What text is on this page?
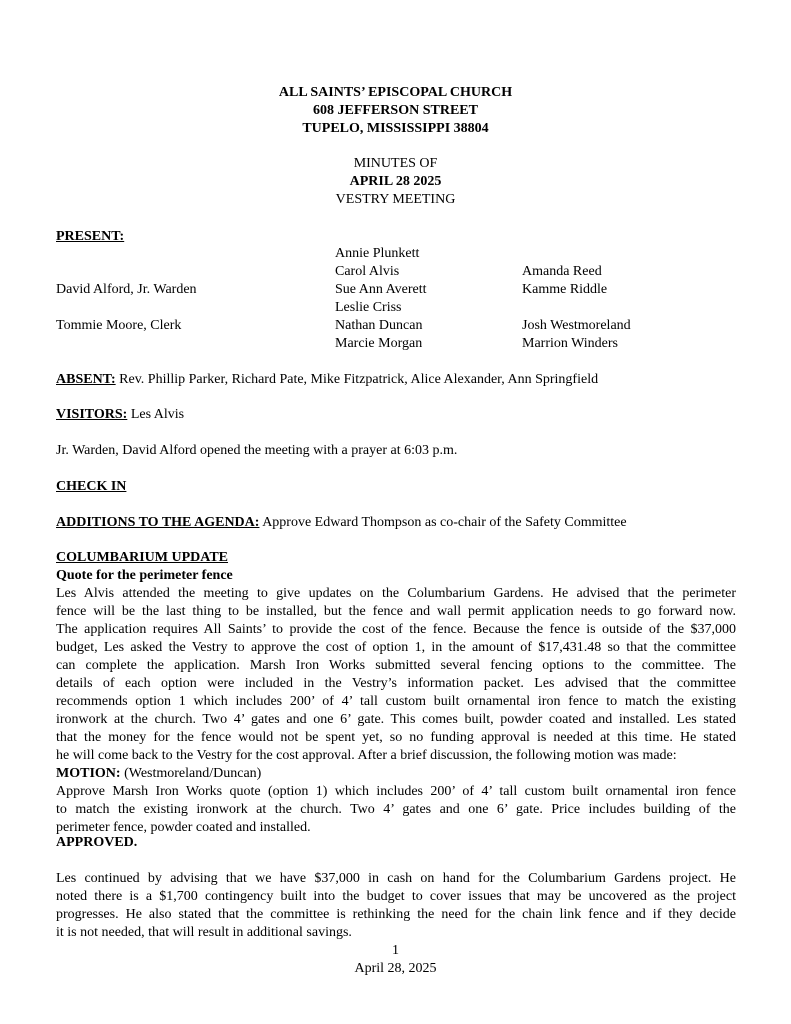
ALL SAINTS’ EPISCOPAL CHURCH
608 JEFFERSON STREET
TUPELO, MISSISSIPPI 38804
MINUTES OF
APRIL 28 2025
VESTRY MEETING
PRESENT:
David Alford, Jr. Warden
Tommie Moore, Clerk
Annie Plunkett
Carol Alvis
Sue Ann Averett
Leslie Criss
Nathan Duncan
Marcie Morgan
Amanda Reed
Kamme Riddle
Josh Westmoreland
Marrion Winders
ABSENT: Rev. Phillip Parker, Richard Pate, Mike Fitzpatrick, Alice Alexander, Ann Springfield
VISITORS: Les Alvis
Jr. Warden, David Alford opened the meeting with a prayer at 6:03 p.m.
CHECK IN
ADDITIONS TO THE AGENDA: Approve Edward Thompson as co-chair of the Safety Committee
COLUMBARIUM UPDATE
Quote for the perimeter fence

Les Alvis attended the meeting to give updates on the Columbarium Gardens. He advised that the perimeter

fence will be the last thing to be installed, but the fence and wall permit application needs to go forward now.

The application requires All Saints’ to provide the cost of the fence. Because the fence is outside of the $37,000

budget, Les asked the Vestry to approve the cost of option 1, in the amount of $17,431.48 so that the committee

can complete the application. Marsh Iron Works submitted several fencing options to the committee. The

details of each option were included in the Vestry’s information packet. Les advised that the committee

recommends option 1 which includes 200’ of 4’ tall custom built ornamental iron fence to match the existing

ironwork at the church. Two 4’ gates and one 6’ gate. This comes built, powder coated and installed. Les stated

that the money for the fence would not be spent yet, so no funding approval is needed at this time. He stated

he will come back to the Vestry for the cost approval. After a brief discussion, the following motion was made:

MOTION: (Westmoreland/Duncan)

Approve Marsh Iron Works quote (option 1) which includes 200’ of 4’ tall custom built ornamental iron fence

to match the existing ironwork at the church. Two 4’ gates and one 6’ gate. Price includes building of the

perimeter fence, powder coated and installed.

APPROVED.

Les continued by advising that we have $37,000 in cash on hand for the Columbarium Gardens project. He

noted there is a $1,700 contingency built into the budget to cover issues that may be uncovered as the project

progresses. He also stated that the committee is rethinking the need for the chain link fence and if they decide

it is not needed, that will result in additional savings.

1
April 28, 2025
